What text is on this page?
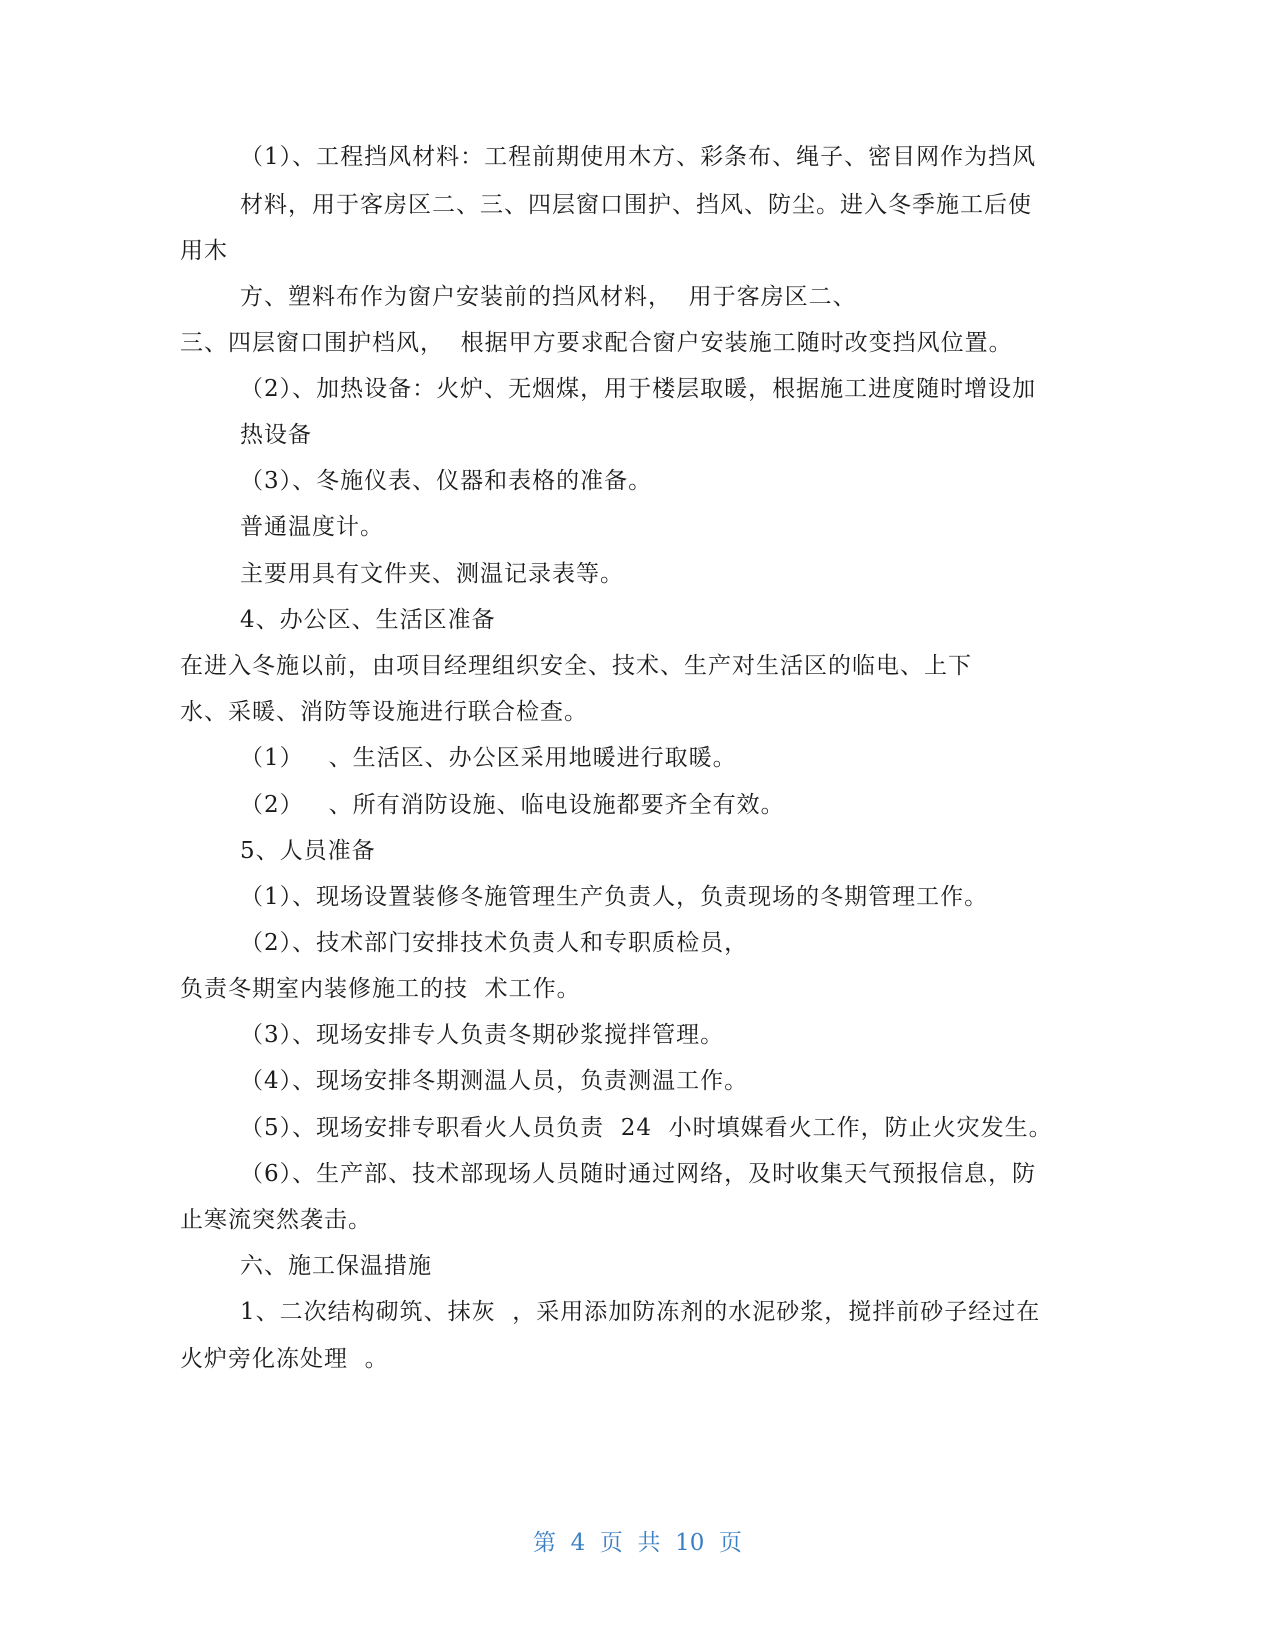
（1）、工程挡风材料：工程前期使用木方、彩条布、绳子、密目网作为挡风
材料，用于客房区二、三、四层窗口围护、挡风、防尘。进入冬季施工后使
用木
方、塑料布作为窗户安装前的挡风材料，  用于客房区二、
三、四层窗口围护档风，  根据甲方要求配合窗户安装施工随时改变挡风位置。
（2）、加热设备：火炉、无烟煤，用于楼层取暖，根据施工进度随时增设加
热设备
（3）、冬施仪表、仪器和表格的准备。
普通温度计。
主要用具有文件夹、测温记录表等。
4、办公区、生活区准备
在进入冬施以前，由项目经理组织安全、技术、生产对生活区的临电、上下
水、采暖、消防等设施进行联合检查。
（1）   、生活区、办公区采用地暖进行取暖。
（2）   、所有消防设施、临电设施都要齐全有效。
5、人员准备
（1）、现场设置装修冬施管理生产负责人，负责现场的冬期管理工作。
（2）、技术部门安排技术负责人和专职质检员，
负责冬期室内装修施工的技  术工作。
（3）、现场安排专人负责冬期砂浆搅拌管理。
（4）、现场安排冬期测温人员，负责测温工作。
（5）、现场安排专职看火人员负责  24  小时填媒看火工作，防止火灾发生。
（6）、生产部、技术部现场人员随时通过网络，及时收集天气预报信息，防
止寒流突然袭击。
六、施工保温措施
1、二次结构砌筑、抹灰  ，采用添加防冻剂的水泥砂浆，搅拌前砂子经过在
火炉旁化冻处理  。
第  4  页  共  10  页
